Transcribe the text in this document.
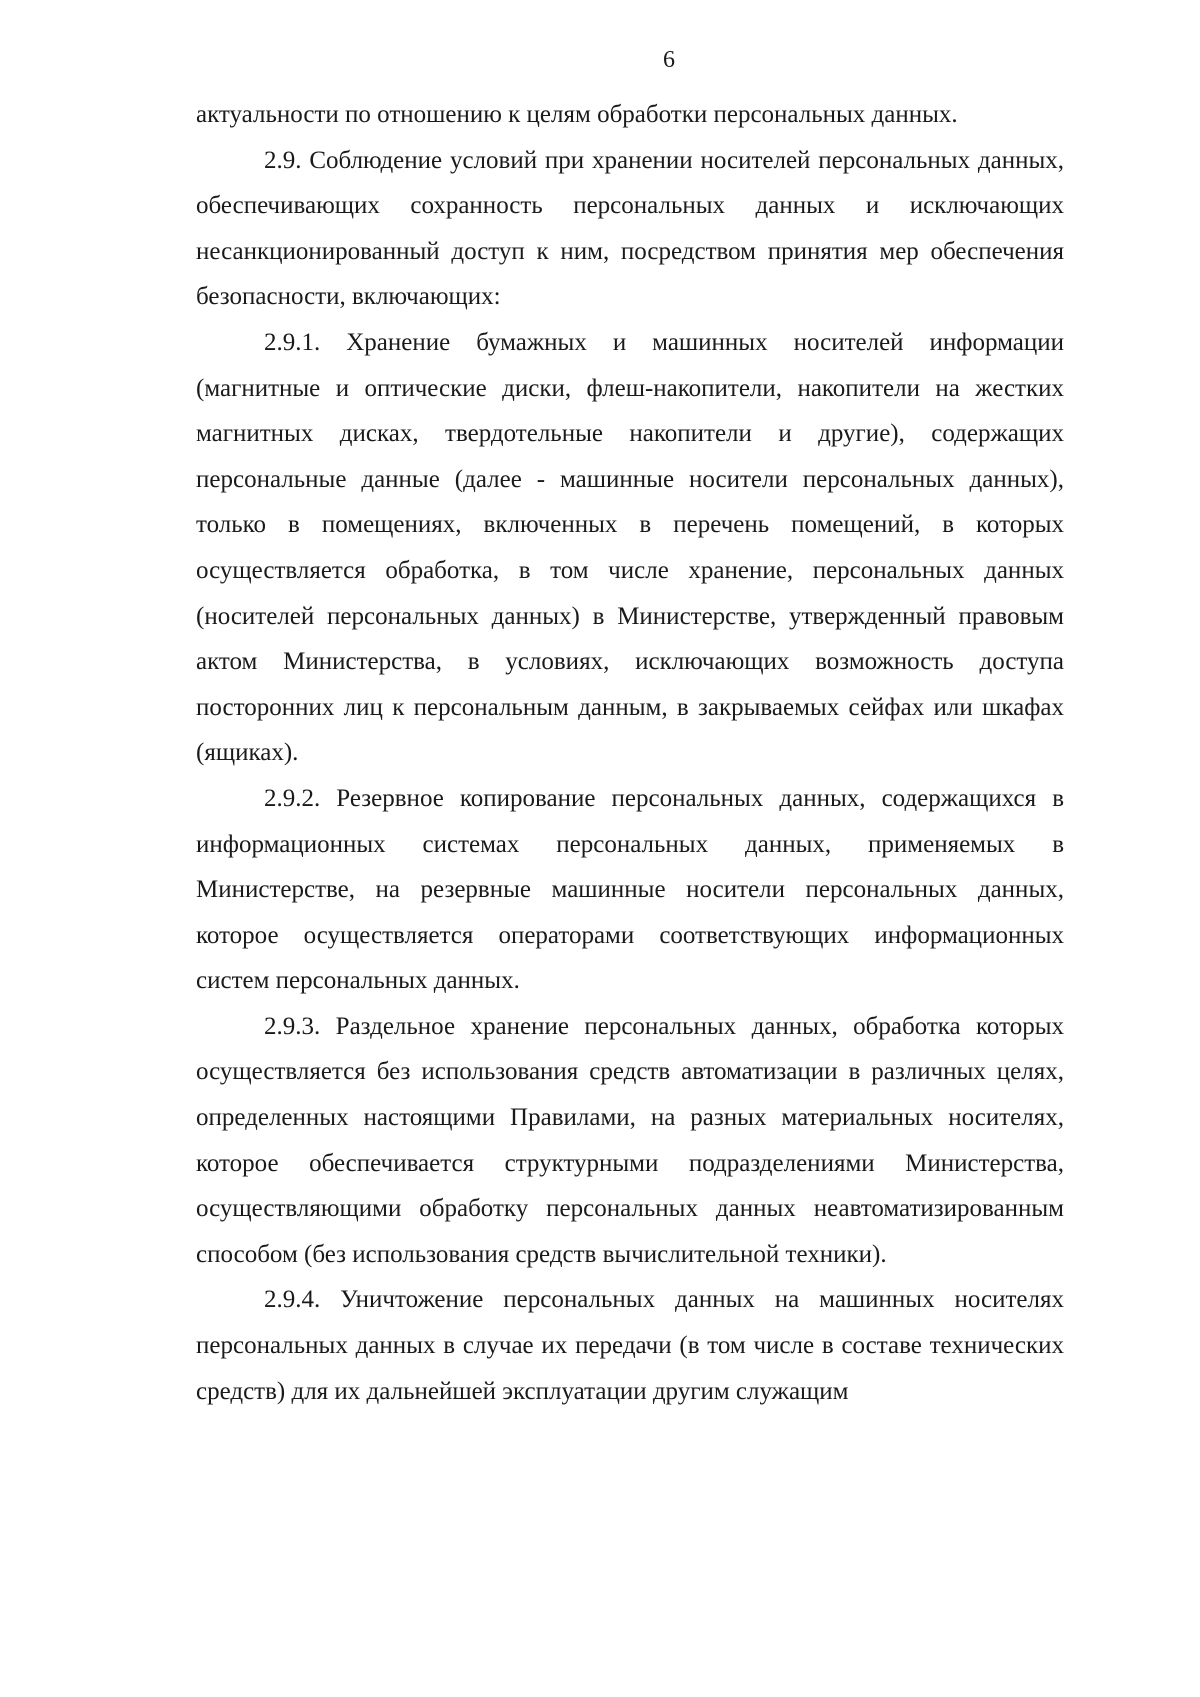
6

актуальности по отношению к целям обработки персональных данных.

2.9. Соблюдение условий при хранении носителей персональных данных, обеспечивающих сохранность персональных данных и исключающих несанкционированный доступ к ним, посредством принятия мер обеспечения безопасности, включающих:

2.9.1. Хранение бумажных и машинных носителей информации (магнитные и оптические диски, флеш-накопители, накопители на жестких магнитных дисках, твердотельные накопители и другие), содержащих персональные данные (далее - машинные носители персональных данных), только в помещениях, включенных в перечень помещений, в которых осуществляется обработка, в том числе хранение, персональных данных (носителей персональных данных) в Министерстве, утвержденный правовым актом Министерства, в условиях, исключающих возможность доступа посторонних лиц к персональным данным, в закрываемых сейфах или шкафах (ящиках).

2.9.2. Резервное копирование персональных данных, содержащихся в информационных системах персональных данных, применяемых в Министерстве, на резервные машинные носители персональных данных, которое осуществляется операторами соответствующих информационных систем персональных данных.

2.9.3. Раздельное хранение персональных данных, обработка которых осуществляется без использования средств автоматизации в различных целях, определенных настоящими Правилами, на разных материальных носителях, которое обеспечивается структурными подразделениями Министерства, осуществляющими обработку персональных данных неавтоматизированным способом (без использования средств вычислительной техники).

2.9.4. Уничтожение персональных данных на машинных носителях персональных данных в случае их передачи (в том числе в составе технических средств) для их дальнейшей эксплуатации другим служащим
